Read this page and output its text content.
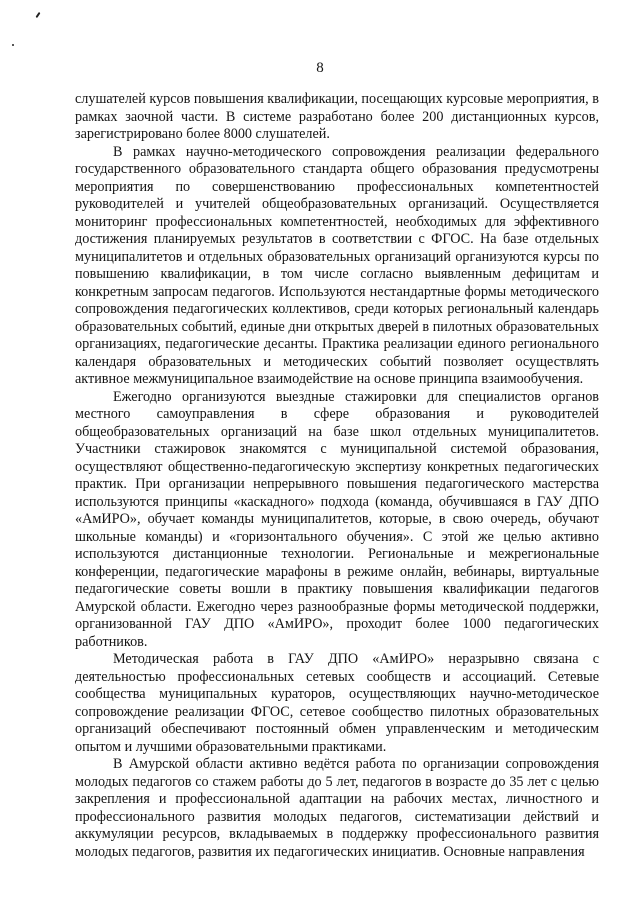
8

слушателей курсов повышения квалификации, посещающих курсовые мероприятия, в рамках заочной части. В системе разработано более 200 дистанционных курсов, зарегистрировано более 8000 слушателей.

В рамках научно-методического сопровождения реализации федерального государственного образовательного стандарта общего образования предусмотрены мероприятия по совершенствованию профессиональных компетентностей руководителей и учителей общеобразовательных организаций. Осуществляется мониторинг профессиональных компетентностей, необходимых для эффективного достижения планируемых результатов в соответствии с ФГОС. На базе отдельных муниципалитетов и отдельных образовательных организаций организуются курсы по повышению квалификации, в том числе согласно выявленным дефицитам и конкретным запросам педагогов. Используются нестандартные формы методического сопровождения педагогических коллективов, среди которых региональный календарь образовательных событий, единые дни открытых дверей в пилотных образовательных организациях, педагогические десанты. Практика реализации единого регионального календаря образовательных и методических событий позволяет осуществлять активное межмуниципальное взаимодействие на основе принципа взаимообучения.

Ежегодно организуются выездные стажировки для специалистов органов местного самоуправления в сфере образования и руководителей общеобразовательных организаций на базе школ отдельных муниципалитетов. Участники стажировок знакомятся с муниципальной системой образования, осуществляют общественно-педагогическую экспертизу конкретных педагогических практик. При организации непрерывного повышения педагогического мастерства используются принципы «каскадного» подхода (команда, обучившаяся в ГАУ ДПО «АмИРО», обучает команды муниципалитетов, которые, в свою очередь, обучают школьные команды) и «горизонтального обучения». С этой же целью активно используются дистанционные технологии. Региональные и межрегиональные конференции, педагогические марафоны в режиме онлайн, вебинары, виртуальные педагогические советы вошли в практику повышения квалификации педагогов Амурской области. Ежегодно через разнообразные формы методической поддержки, организованной ГАУ ДПО «АмИРО», проходит более 1000 педагогических работников.

Методическая работа в ГАУ ДПО «АмИРО» неразрывно связана с деятельностью профессиональных сетевых сообществ и ассоциаций. Сетевые сообщества муниципальных кураторов, осуществляющих научно-методическое сопровождение реализации ФГОС, сетевое сообщество пилотных образовательных организаций обеспечивают постоянный обмен управленческим и методическим опытом и лучшими образовательными практиками.

В Амурской области активно ведётся работа по организации сопровождения молодых педагогов со стажем работы до 5 лет, педагогов в возрасте до 35 лет с целью закрепления и профессиональной адаптации на рабочих местах, личностного и профессионального развития молодых педагогов, систематизации действий и аккумуляции ресурсов, вкладываемых в поддержку профессионального развития молодых педагогов, развития их педагогических инициатив. Основные направления
